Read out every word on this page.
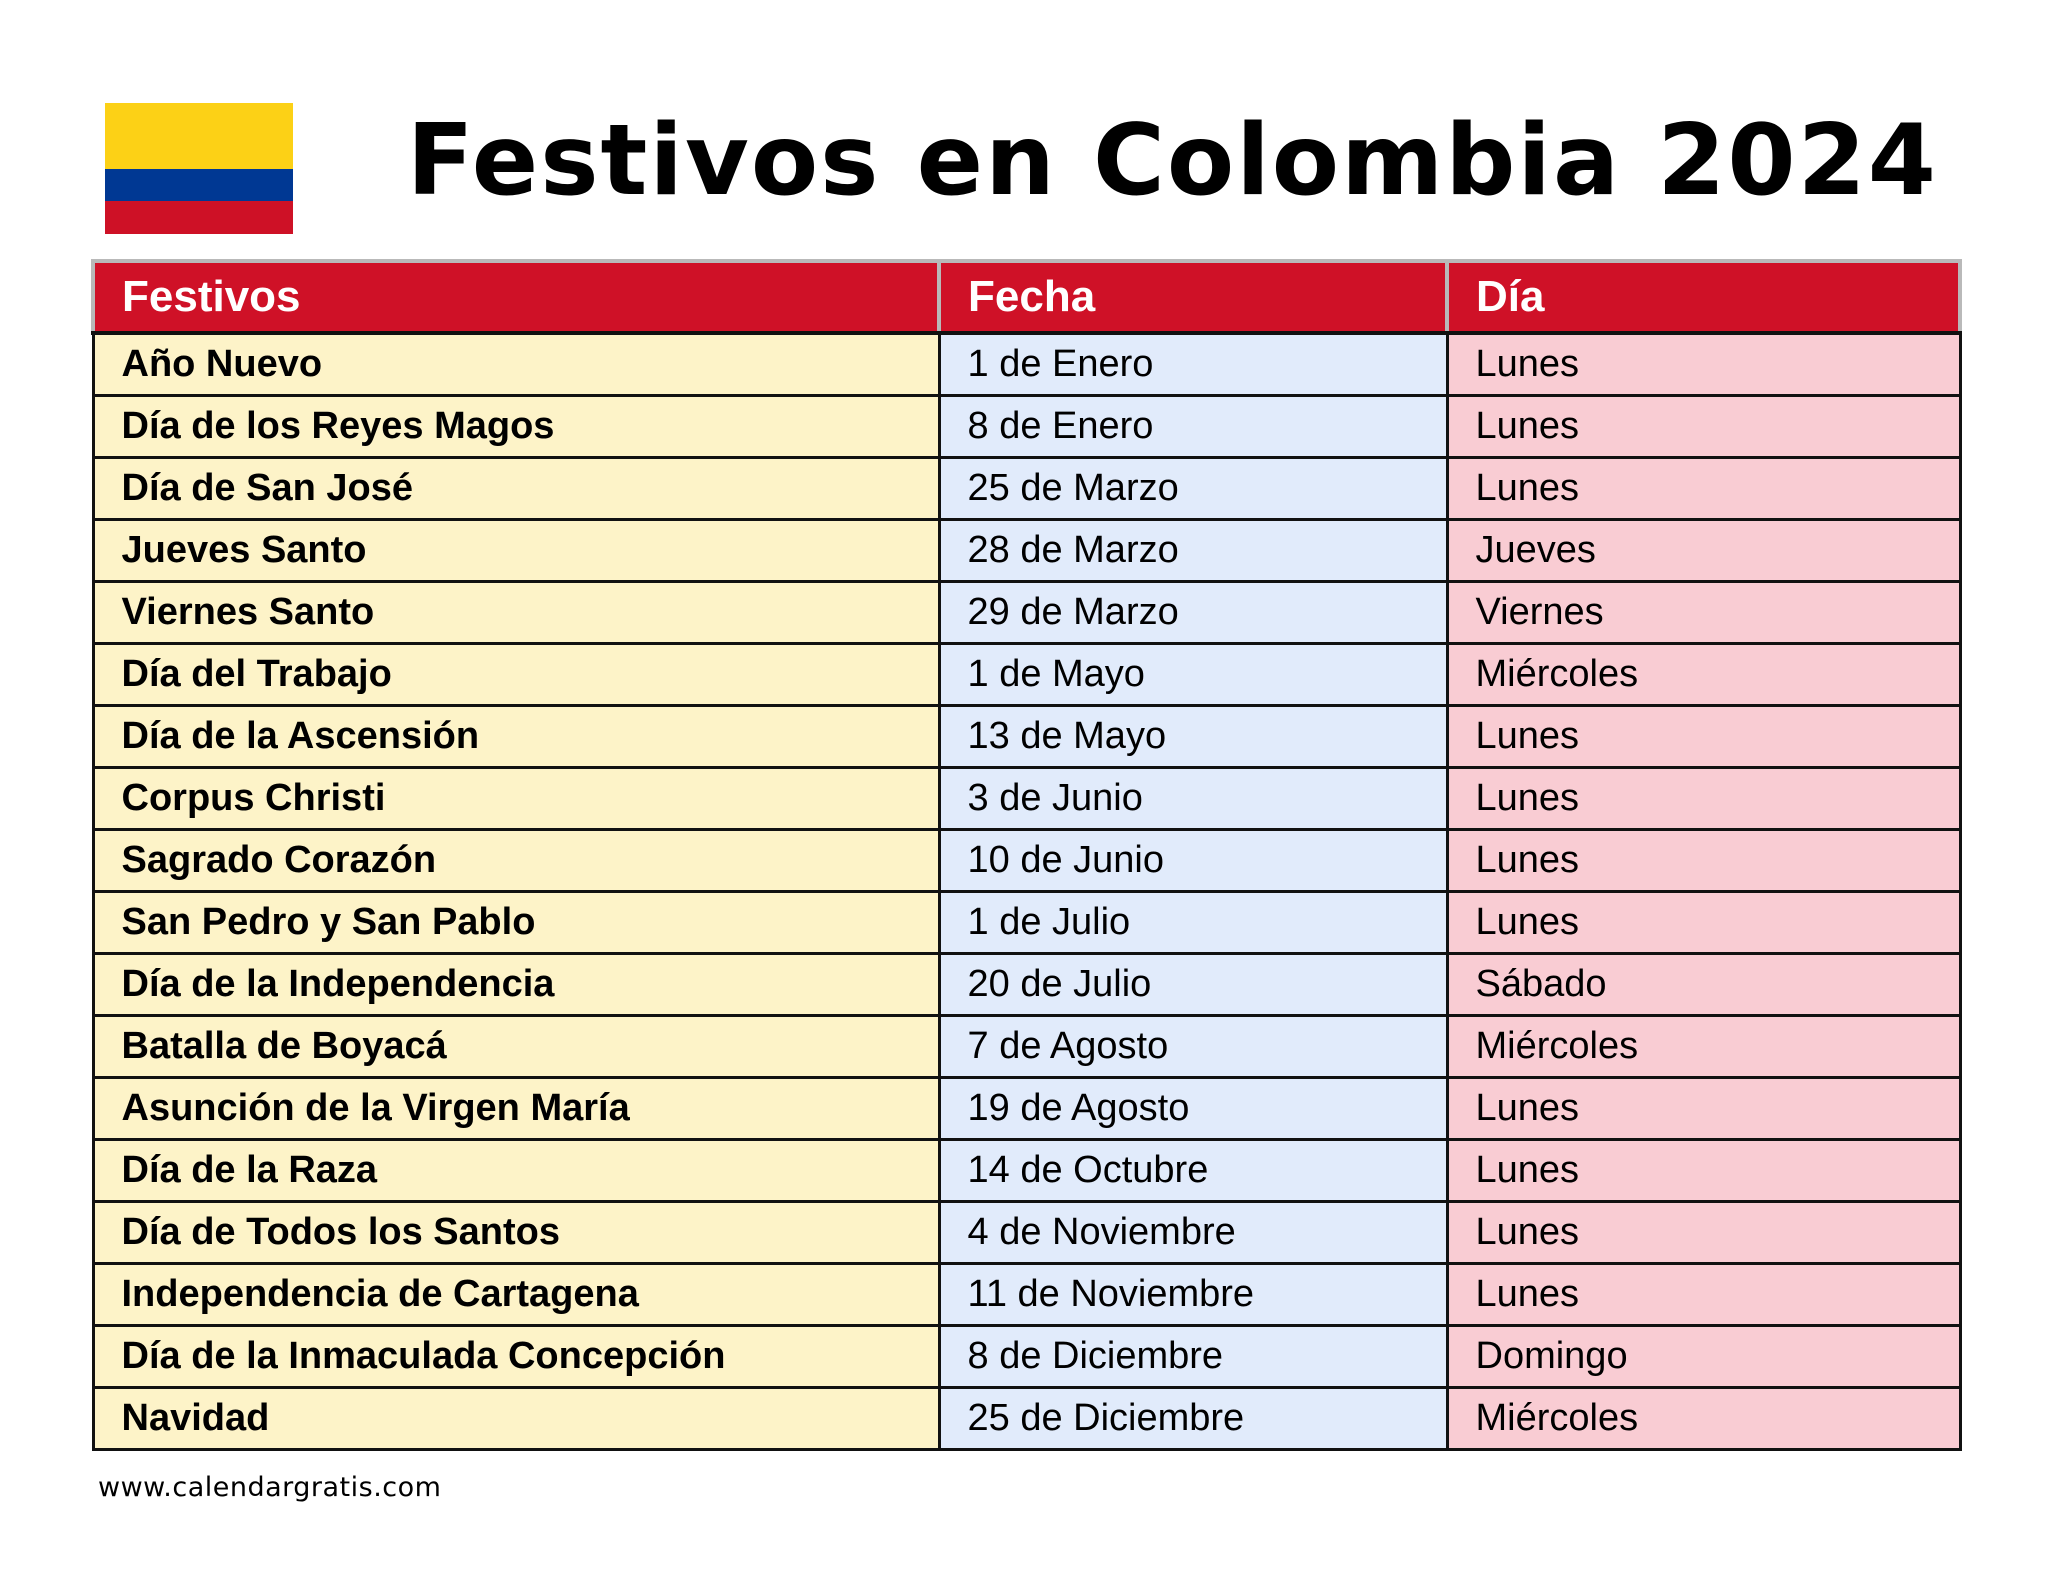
Festivos en Colombia 2024
Festivos	Fecha	Día
Año Nuevo	1 de Enero	Lunes
Día de los Reyes Magos	8 de Enero	Lunes
Día de San José	25 de Marzo	Lunes
Jueves Santo	28 de Marzo	Jueves
Viernes Santo	29 de Marzo	Viernes
Día del Trabajo	1 de Mayo	Miércoles
Día de la Ascensión	13 de Mayo	Lunes
Corpus Christi	3 de Junio	Lunes
Sagrado Corazón	10 de Junio	Lunes
San Pedro y San Pablo	1 de Julio	Lunes
Día de la Independencia	20 de Julio	Sábado
Batalla de Boyacá	7 de Agosto	Miércoles
Asunción de la Virgen María	19 de Agosto	Lunes
Día de la Raza	14 de Octubre	Lunes
Día de Todos los Santos	4 de Noviembre	Lunes
Independencia de Cartagena	11 de Noviembre	Lunes
Día de la Inmaculada Concepción	8 de Diciembre	Domingo
Navidad	25 de Diciembre	Miércoles
www.calendargratis.com
